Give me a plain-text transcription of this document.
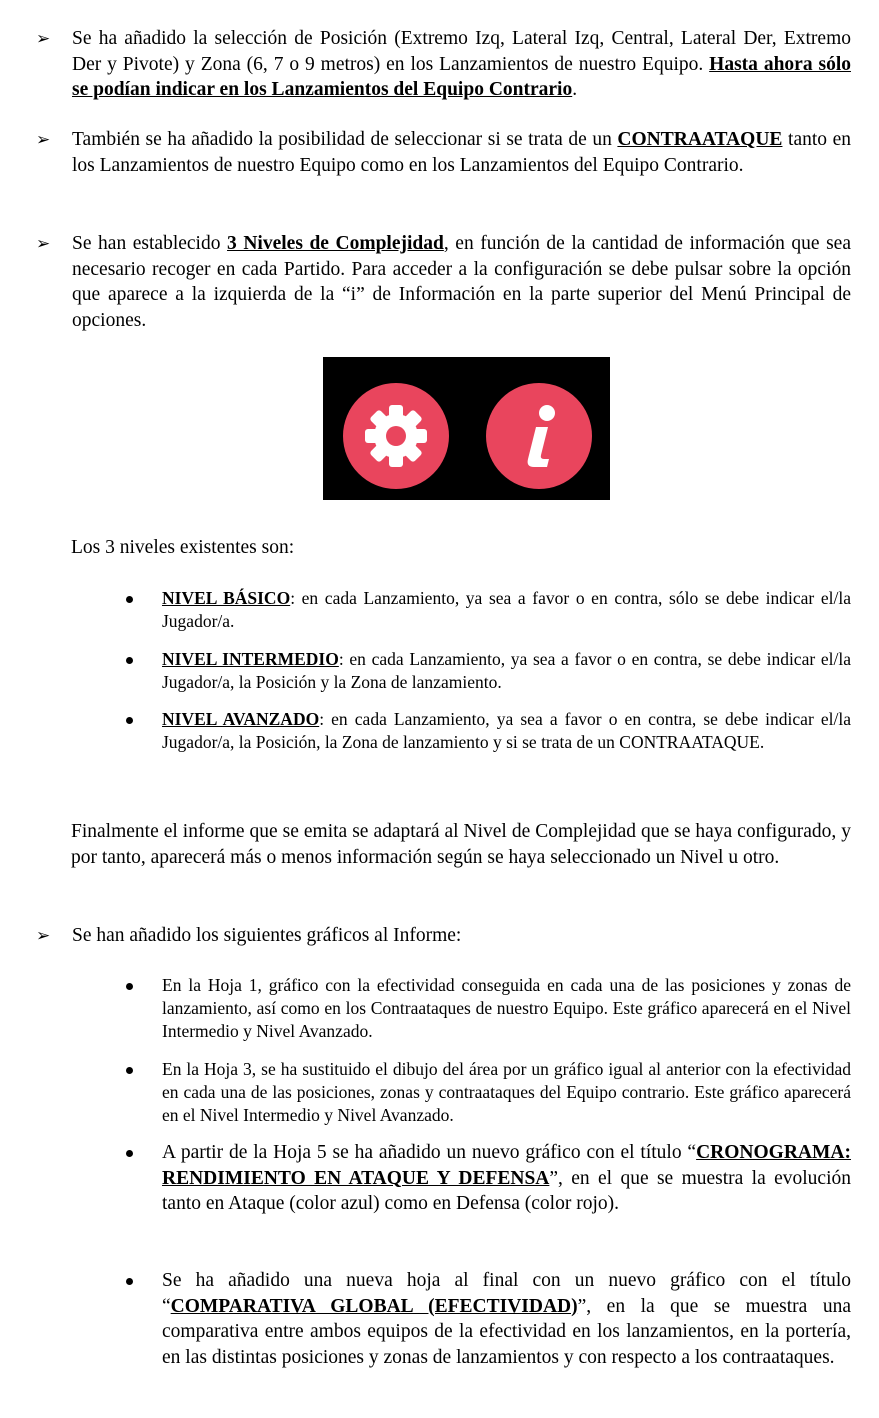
➢ Se ha añadido la selección de Posición (Extremo Izq, Lateral Izq, Central, Lateral Der, Extremo Der y Pivote) y Zona (6, 7 o 9 metros) en los Lanzamientos de nuestro Equipo. Hasta ahora sólo se podían indicar en los Lanzamientos del Equipo Contrario.
➢ También se ha añadido la posibilidad de seleccionar si se trata de un CONTRAATAQUE tanto en los Lanzamientos de nuestro Equipo como en los Lanzamientos del Equipo Contrario.
➢ Se han establecido 3 Niveles de Complejidad, en función de la cantidad de información que sea necesario recoger en cada Partido. Para acceder a la configuración se debe pulsar sobre la opción que aparece a la izquierda de la “i” de Información en la parte superior del Menú Principal de opciones.
Los 3 niveles existentes son:
NIVEL BÁSICO: en cada Lanzamiento, ya sea a favor o en contra, sólo se debe indicar el/la Jugador/a.
NIVEL INTERMEDIO: en cada Lanzamiento, ya sea a favor o en contra, se debe indicar el/la Jugador/a, la Posición y la Zona de lanzamiento.
NIVEL AVANZADO: en cada Lanzamiento, ya sea a favor o en contra, se debe indicar el/la Jugador/a, la Posición, la Zona de lanzamiento y si se trata de un CONTRAATAQUE.
Finalmente el informe que se emita se adaptará al Nivel de Complejidad que se haya configurado, y por tanto, aparecerá más o menos información según se haya seleccionado un Nivel u otro.
➢ Se han añadido los siguientes gráficos al Informe:
En la Hoja 1, gráfico con la efectividad conseguida en cada una de las posiciones y zonas de lanzamiento, así como en los Contraataques de nuestro Equipo. Este gráfico aparecerá en el Nivel Intermedio y Nivel Avanzado.
En la Hoja 3, se ha sustituido el dibujo del área por un gráfico igual al anterior con la efectividad en cada una de las posiciones, zonas y contraataques del Equipo contrario. Este gráfico aparecerá en el Nivel Intermedio y Nivel Avanzado.
A partir de la Hoja 5 se ha añadido un nuevo gráfico con el título “CRONOGRAMA: RENDIMIENTO EN ATAQUE Y DEFENSA”, en el que se muestra la evolución tanto en Ataque (color azul) como en Defensa (color rojo).
Se ha añadido una nueva hoja al final con un nuevo gráfico con el título “COMPARATIVA GLOBAL (EFECTIVIDAD)”, en la que se muestra una comparativa entre ambos equipos de la efectividad en los lanzamientos, en la portería, en las distintas posiciones y zonas de lanzamientos y con respecto a los contraataques.
